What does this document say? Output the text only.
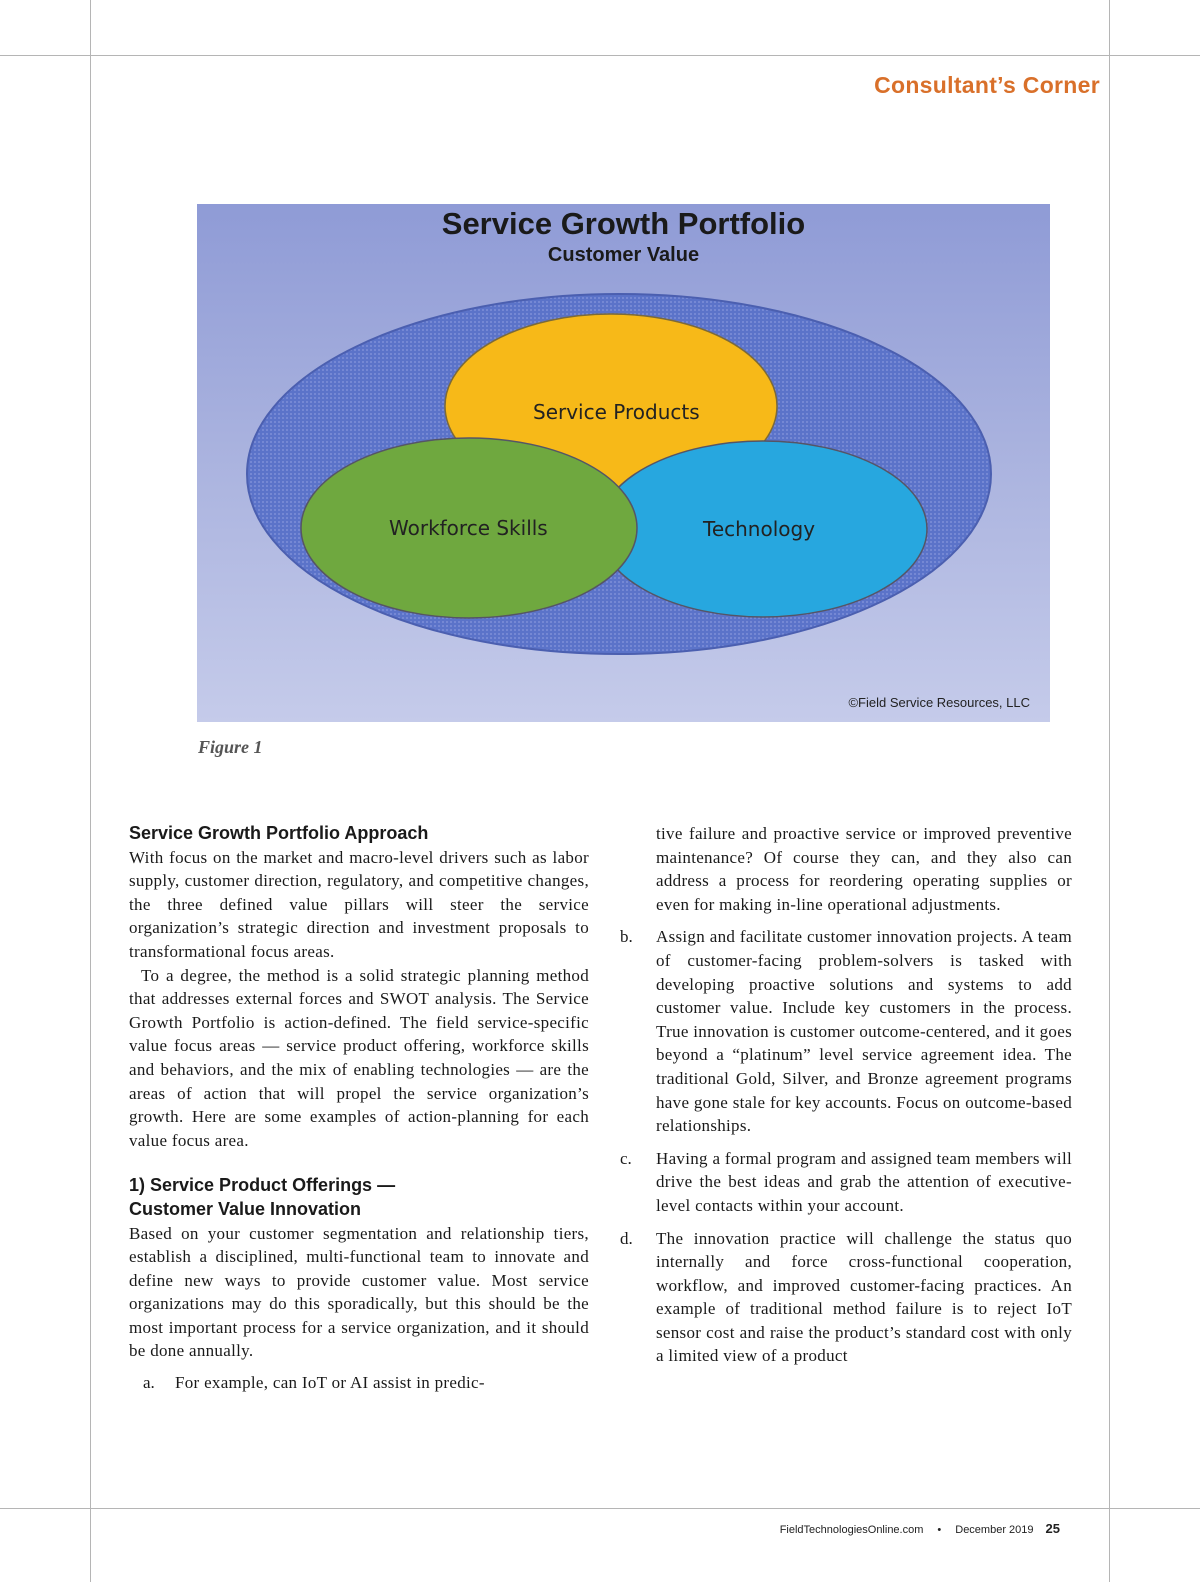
Consultant’s Corner
Service Growth Portfolio
Customer Value
Service Products
Workforce Skills	Technology
©Field Service Resources, LLC
Figure 1
Service Growth Portfolio Approach

With focus on the market and macro-level drivers such as labor supply, customer direction, regulatory, and competitive changes, the three defined value pillars will steer the service organization’s strategic direction and investment proposals to transformational focus areas.

To a degree, the method is a solid strategic planning method that addresses external forces and SWOT analysis. The Service Growth Portfolio is action-defined. The field service-specific value focus areas — service product offering, workforce skills and behaviors, and the mix of enabling technologies — are the areas of action that will propel the service organization’s growth. Here are some examples of action-planning for each value focus area.

1) Service Product Offerings —
Customer Value Innovation

Based on your customer segmentation and relationship tiers, establish a disciplined, multi-functional team to innovate and define new ways to provide customer value. Most service organizations may do this sporadically, but this should be the most important process for a service organization, and it should be done annually.

a.	For example, can IoT or AI assist in predic-
tive failure and proactive service or improved preventive maintenance? Of course they can, and they also can address a process for reordering operating supplies or even for making in-line operational adjustments.
b.	Assign and facilitate customer innovation projects. A team of customer-facing problem-solvers is tasked with developing proactive solutions and systems to add customer value. Include key customers in the process. True innovation is customer outcome-centered, and it goes beyond a “platinum” level service agreement idea. The traditional Gold, Silver, and Bronze agreement programs have gone stale for key accounts. Focus on outcome-based relationships.
c.	Having a formal program and assigned team members will drive the best ideas and grab the attention of executive-level contacts within your account.
d.	The innovation practice will challenge the status quo internally and force cross-functional cooperation, workflow, and improved customer-facing practices. An example of traditional method failure is to reject IoT sensor cost and raise the product’s standard cost with only a limited view of a product
FieldTechnologiesOnline.com • December 2019 25
